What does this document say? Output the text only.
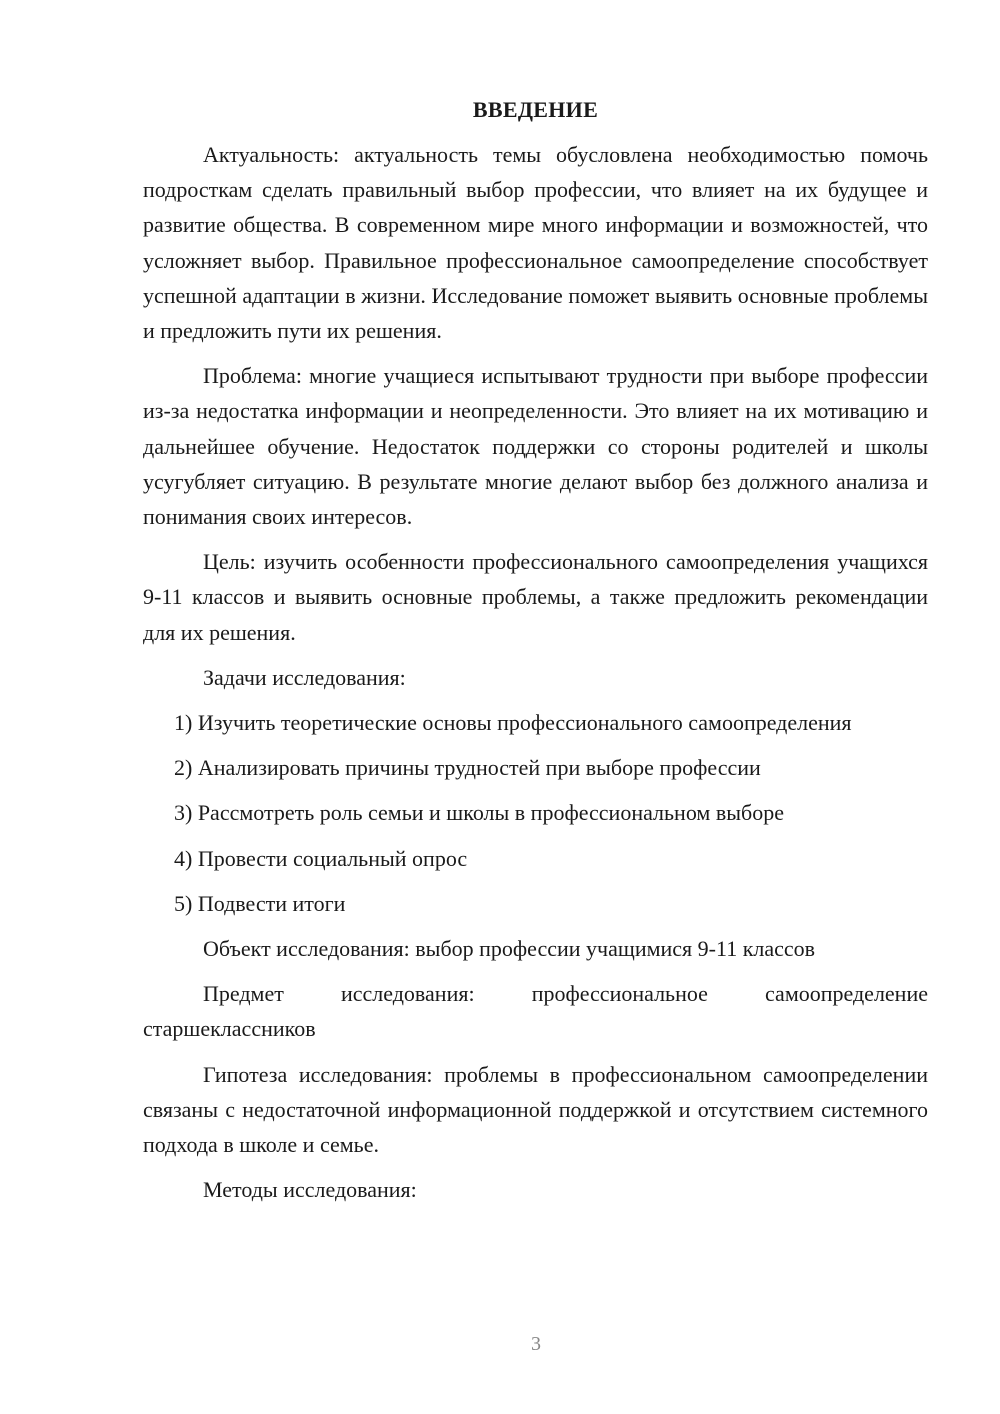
ВВЕДЕНИЕ

Актуальность: актуальность темы обусловлена необходимостью помочь подросткам сделать правильный выбор профессии, что влияет на их будущее и развитие общества. В современном мире много информации и возможностей, что усложняет выбор. Правильное профессиональное самоопределение способствует успешной адаптации в жизни. Исследование поможет выявить основные проблемы и предложить пути их решения.

Проблема: многие учащиеся испытывают трудности при выборе профессии из-за недостатка информации и неопределенности. Это влияет на их мотивацию и дальнейшее обучение. Недостаток поддержки со стороны родителей и школы усугубляет ситуацию. В результате многие делают выбор без должного анализа и понимания своих интересов.

Цель: изучить особенности профессионального самоопределения учащихся 9-11 классов и выявить основные проблемы, а также предложить рекомендации для их решения.

Задачи исследования:

1) Изучить теоретические основы профессионального самоопределения

2) Анализировать причины трудностей при выборе профессии

3) Рассмотреть роль семьи и школы в профессиональном выборе

4) Провести социальный опрос

5) Подвести итоги

Объект исследования: выбор профессии учащимися 9-11 классов

Предмет исследования: профессиональное самоопределение старшеклассников

Гипотеза исследования: проблемы в профессиональном самоопределении связаны с недостаточной информационной поддержкой и отсутствием системного подхода в школе и семье.

Методы исследования:

3
